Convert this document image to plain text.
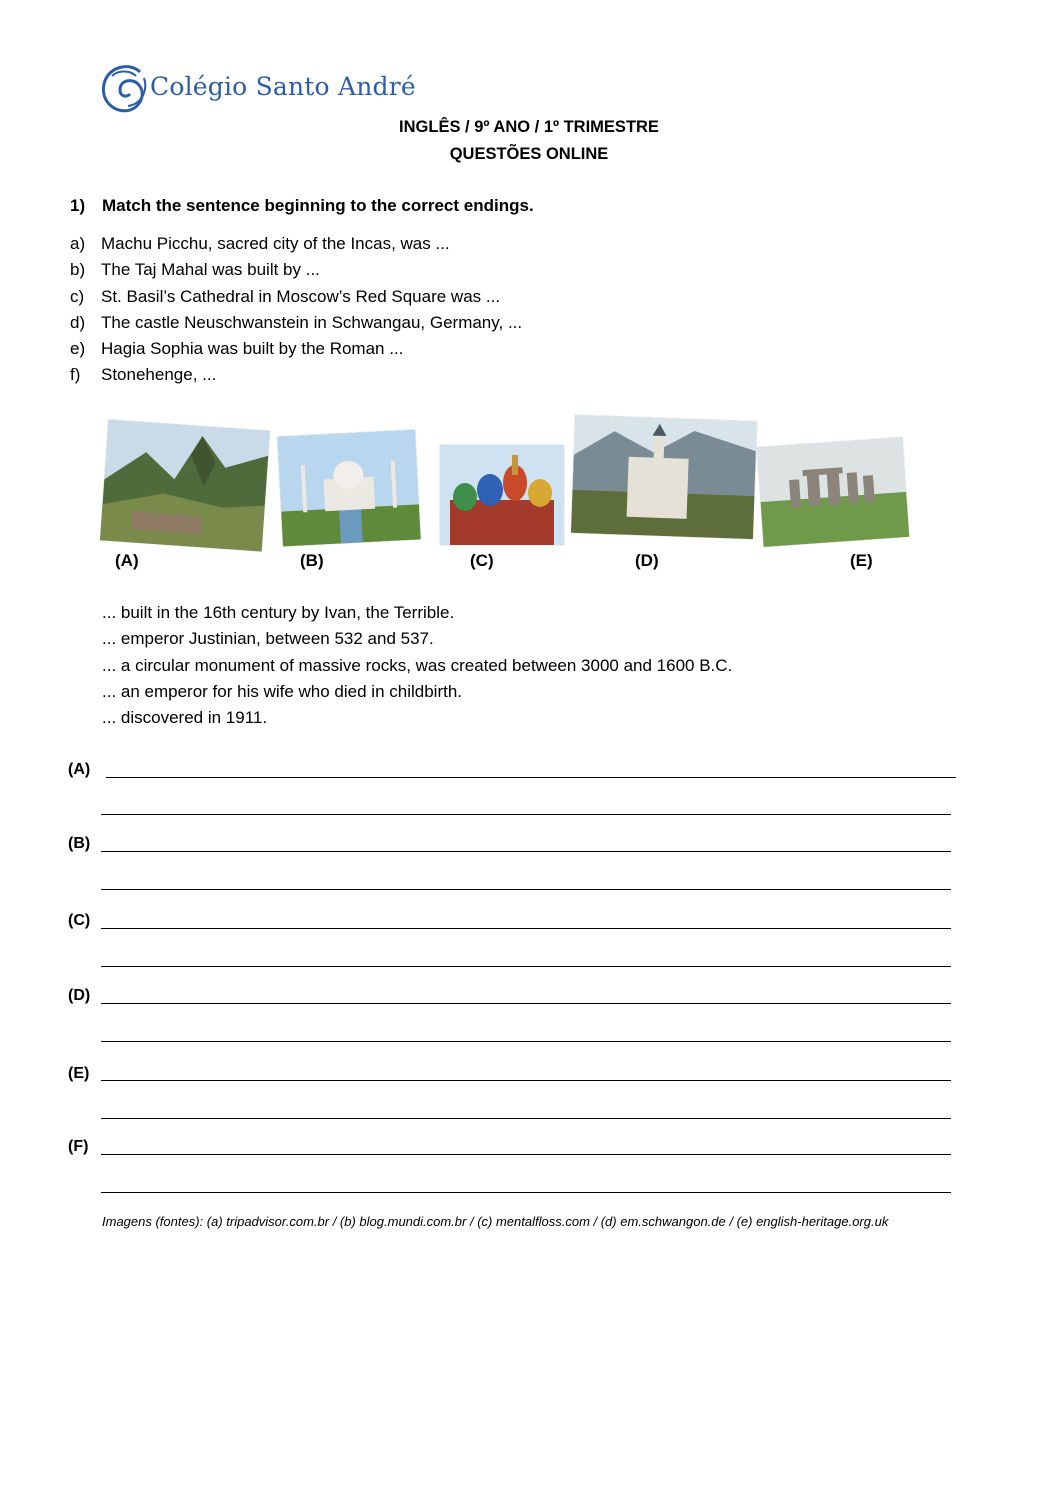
Colégio Santo André
INGLÊS / 9º ANO / 1º TRIMESTRE
QUESTÕES ONLINE
1) Match the sentence beginning to the correct endings.
a) Machu Picchu, sacred city of the Incas, was ...
b) The Taj Mahal was built by ...
c) St. Basil’s Cathedral in Moscow’s Red Square was ...
d) The castle Neuschwanstein in Schwangau, Germany, ...
e) Hagia Sophia was built by the Roman ...
f)	Stonehenge, ...
(A)	(B)	(C)	(D)	(E)
... built in the 16th century by Ivan, the Terrible.
... emperor Justinian, between 532 and 537.
... a circular monument of massive rocks, was created between 3000 and 1600 B.C.
... an emperor for his wife who died in childbirth.
... discovered in 1911.
(A)
(B)
(C)
(D)
(E)
(F)
Imagens (fontes): (a) tripadvisor.com.br / (b) blog.mundi.com.br / (c) mentalfloss.com / (d) em.schwangon.de / (e) english-heritage.org.uk
